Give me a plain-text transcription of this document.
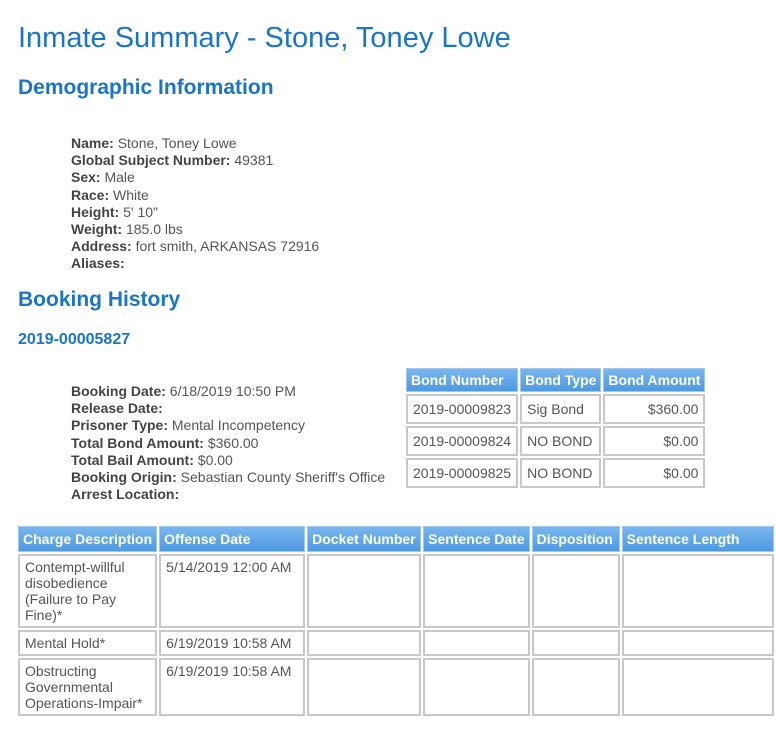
Inmate Summary - Stone, Toney Lowe
Demographic Information
Name: Stone, Toney Lowe
Global Subject Number: 49381
Sex: Male
Race: White
Height: 5' 10"
Weight: 185.0 lbs
Address: fort smith, ARKANSAS 72916
Aliases:
Booking History
2019-00005827
Booking Date: 6/18/2019 10:50 PM
Release Date:
Prisoner Type: Mental Incompetency
Total Bond Amount: $360.00
Total Bail Amount: $0.00
Booking Origin: Sebastian County Sheriff's Office
Arrest Location:
Bond Number	Bond Type	Bond Amount
2019-00009823	Sig Bond	$360.00
2019-00009824	NO BOND	$0.00
2019-00009825	NO BOND	$0.00
Charge Description	Offense Date	Docket Number	Sentence Date	Disposition	Sentence Length
Contempt-willful disobedience (Failure to Pay Fine)*	5/14/2019 12:00 AM				
Mental Hold*	6/19/2019 10:58 AM				
Obstructing Governmental Operations-Impair*	6/19/2019 10:58 AM				
